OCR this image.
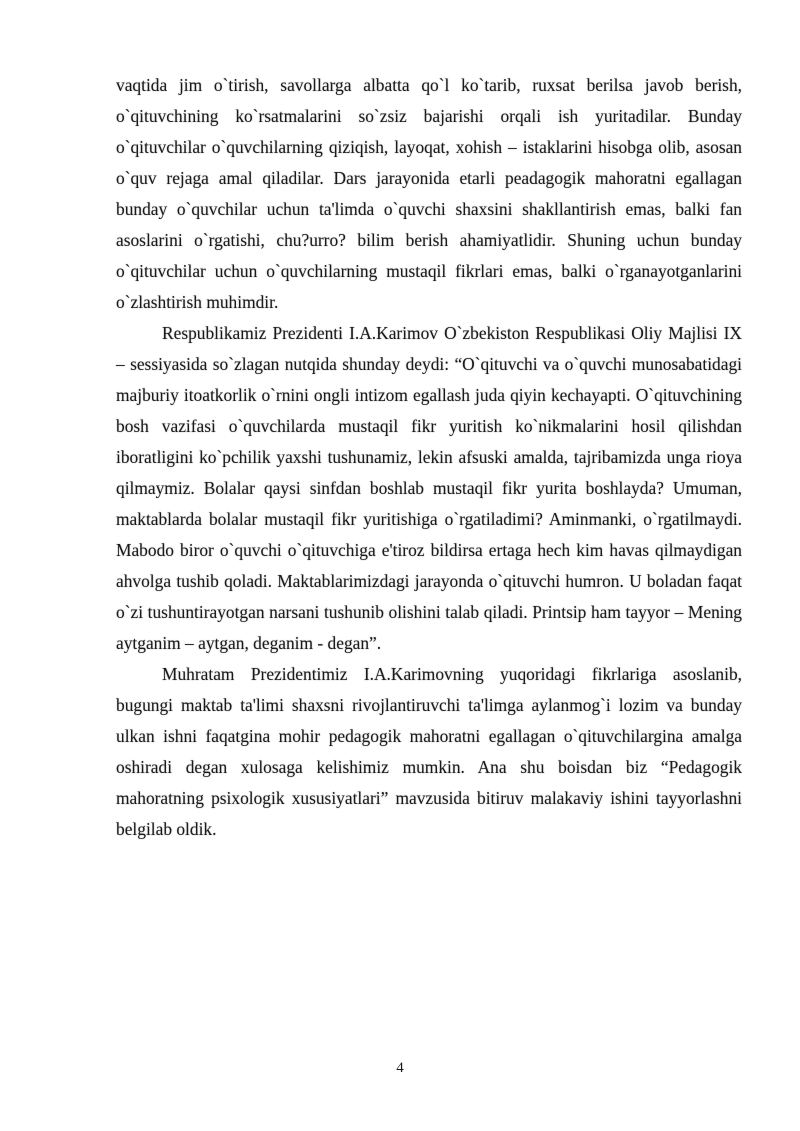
vaqtida jim o`tirish, savollarga albatta qo`l ko`tarib, ruxsat berilsa javob berish, o`qituvchining ko`rsatmalarini so`zsiz bajarishi orqali ish yuritadilar. Bunday o`qituvchilar o`quvchilarning qiziqish, layoqat, xohish – istaklarini hisobga olib, asosan o`quv rejaga amal qiladilar. Dars jarayonida etarli peadagogik mahoratni egallagan bunday o`quvchilar uchun ta'limda o`quvchi shaxsini shakllantirish emas, balki fan asoslarini o`rgatishi, chu?urro? bilim berish ahamiyatlidir. Shuning uchun bunday o`qituvchilar uchun o`quvchilarning mustaqil fikrlari emas, balki o`rganayotganlarini o`zlashtirish muhimdir.

Respublikamiz Prezidenti I.A.Karimov O`zbekiston Respublikasi Oliy Majlisi IX – sessiyasida so`zlagan nutqida shunday deydi: “O`qituvchi va o`quvchi munosabatidagi majburiy itoatkorlik o`rnini ongli intizom egallash juda qiyin kechayapti. O`qituvchining bosh vazifasi o`quvchilarda mustaqil fikr yuritish ko`nikmalarini hosil qilishdan iboratligini ko`pchilik yaxshi tushunamiz, lekin afsuski amalda, tajribamizda unga rioya qilmaymiz. Bolalar qaysi sinfdan boshlab mustaqil fikr yurita boshlayda? Umuman, maktablarda bolalar mustaqil fikr yuritishiga o`rgatiladimi? Aminmanki, o`rgatilmaydi. Mabodo biror o`quvchi o`qituvchiga e'tiroz bildirsa ertaga hech kim havas qilmaydigan ahvolga tushib qoladi. Maktablarimizdagi jarayonda o`qituvchi humron. U boladan faqat o`zi tushuntirayotgan narsani tushunib olishini talab qiladi. Printsip ham tayyor – Mening aytganim – aytgan, deganim - degan”.

Muhratam Prezidentimiz I.A.Karimovning yuqoridagi fikrlariga asoslanib, bugungi maktab ta'limi shaxsni rivojlantiruvchi ta'limga aylanmog`i lozim va bunday ulkan ishni faqatgina mohir pedagogik mahoratni egallagan o`qituvchilargina amalga oshiradi degan xulosaga kelishimiz mumkin. Ana shu boisdan biz “Pedagogik mahoratning psixologik xususiyatlari” mavzusida bitiruv malakaviy ishini tayyorlashni belgilab oldik.

4
